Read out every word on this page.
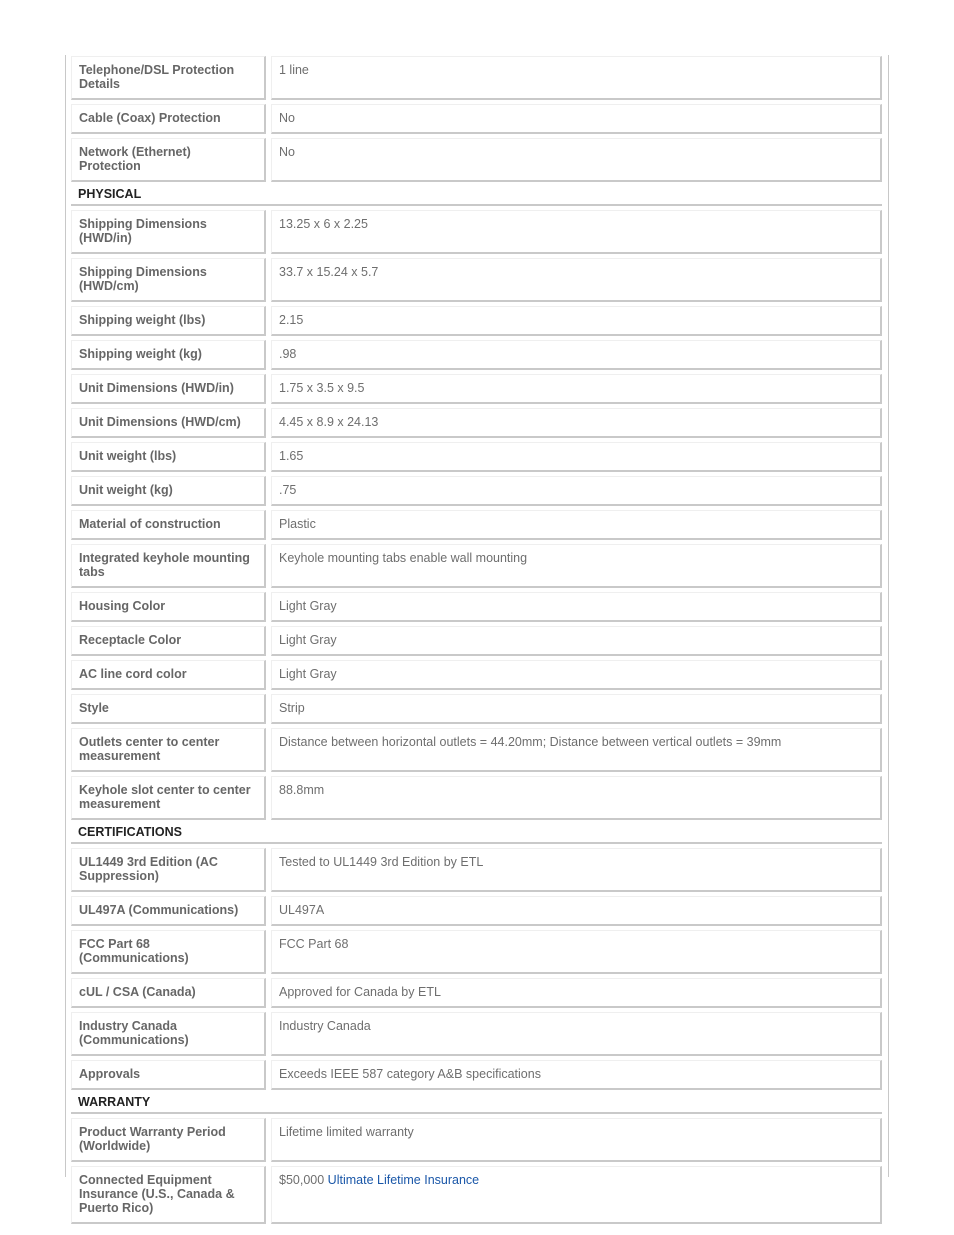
Telephone/DSL Protection Details		1 line
Cable (Coax) Protection		No
Network (Ethernet) Protection		No
PHYSICAL		
Shipping Dimensions (HWD/in)		13.25 x 6 x 2.25
Shipping Dimensions (HWD/cm)		33.7 x 15.24 x 5.7
Shipping weight (lbs)		2.15
Shipping weight (kg)		.98
Unit Dimensions (HWD/in)		1.75 x 3.5 x 9.5
Unit Dimensions (HWD/cm)		4.45 x 8.9 x 24.13
Unit weight (lbs)		1.65
Unit weight (kg)		.75
Material of construction		Plastic
Integrated keyhole mounting tabs		Keyhole mounting tabs enable wall mounting
Housing Color		Light Gray
Receptacle Color		Light Gray
AC line cord color		Light Gray
Style		Strip
Outlets center to center measurement		Distance between horizontal outlets = 44.20mm; Distance between vertical outlets = 39mm
Keyhole slot center to center measurement		88.8mm
CERTIFICATIONS		
UL1449 3rd Edition (AC Suppression)		Tested to UL1449 3rd Edition by ETL
UL497A (Communications)		UL497A
FCC Part 68 (Communications)		FCC Part 68
cUL / CSA (Canada)		Approved for Canada by ETL
Industry Canada (Communications)		Industry Canada
Approvals		Exceeds IEEE 587 category A&B specifications
WARRANTY		
Product Warranty Period (Worldwide)		Lifetime limited warranty
Connected Equipment Insurance (U.S., Canada & Puerto Rico)		$50,000 Ultimate Lifetime Insurance
